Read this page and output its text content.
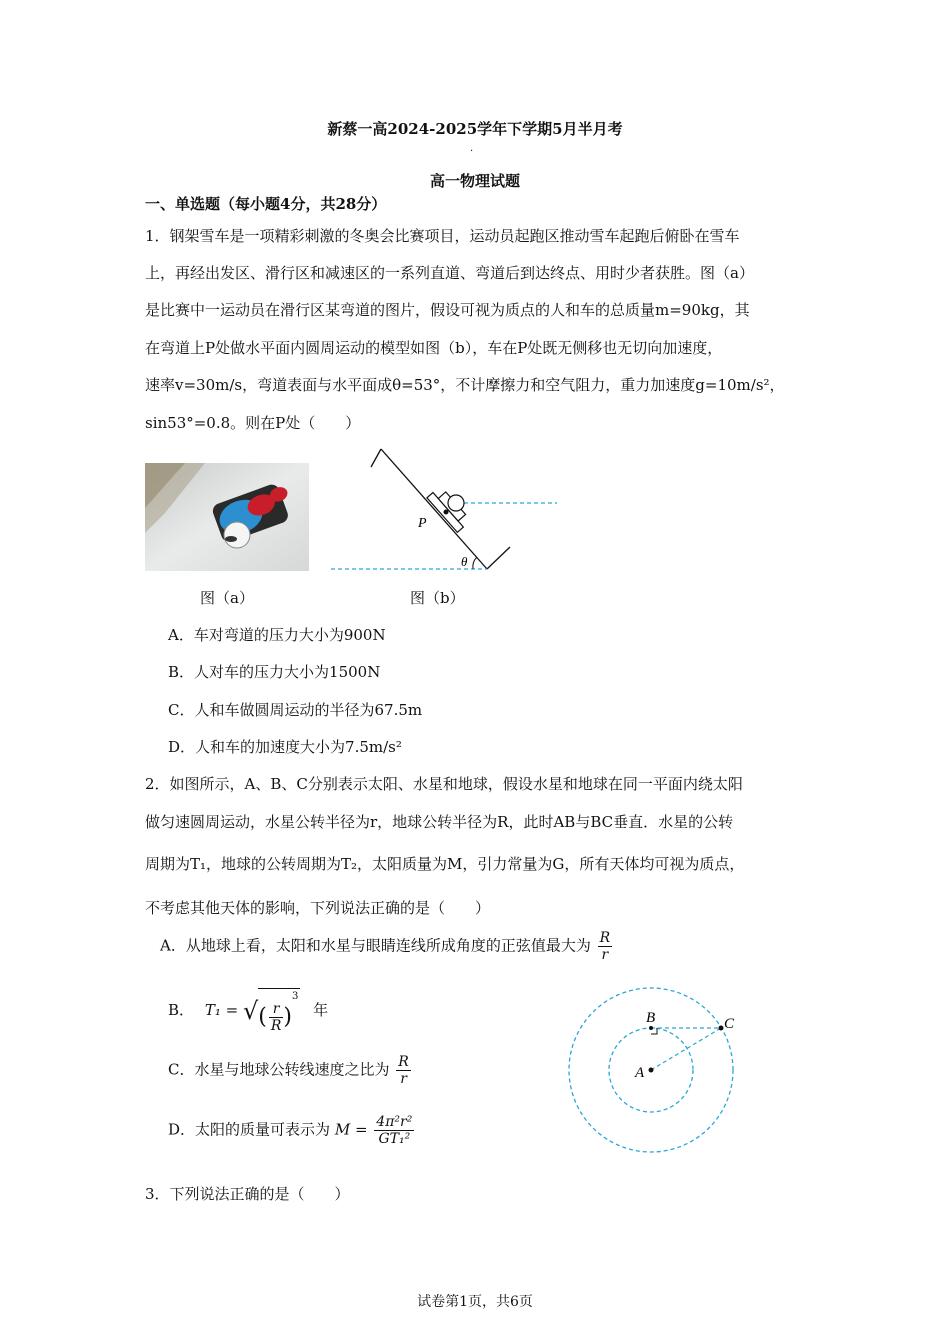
新蔡一高2024-2025学年下学期5月半月考
·
高一物理试题
一、单选题（每小题4分，共28分）
1．钢架雪车是一项精彩刺激的冬奥会比赛项目，运动员起跑区推动雪车起跑后俯卧在雪车
上，再经出发区、滑行区和减速区的一系列直道、弯道后到达终点、用时少者获胜。图（a）
是比赛中一运动员在滑行区某弯道的图片，假设可视为质点的人和车的总质量m=90kg，其
在弯道上P处做水平面内圆周运动的模型如图（b），车在P处既无侧移也无切向加速度，
速率v=30m/s，弯道表面与水平面成θ=53°，不计摩擦力和空气阻力，重力加速度g=10m/s²，
sin53°=0.8。则在P处（　　）
图（a）
P
θ
图（b）
A．车对弯道的压力大小为900N
B．人对车的压力大小为1500N
C．人和车做圆周运动的半径为67.5m
D．人和车的加速度大小为7.5m/s²
2．如图所示，A、B、C分别表示太阳、水星和地球，假设水星和地球在同一平面内绕太阳
做匀速圆周运动，水星公转半径为r，地球公转半径为R，此时AB与BC垂直．水星的公转
周期为T₁，地球的公转周期为T₂，太阳质量为M，引力常量为G，所有天体均可视为质点，
不考虑其他天体的影响，下列说法正确的是（　　）
A．从地球上看，太阳和水星与眼睛连线所成角度的正弦值最大为 $\frac{R}{r}$
B． T₁ = √( $\frac{r}{R} )^3$ 年
C．水星与地球公转线速度之比为 $\frac{R}{r}$
D．太阳的质量可表示为 $M = \frac{\text{4π²r²}}{\text{GT₁²}}$
A
B	C
3．下列说法正确的是（　　）
试卷第1页，共6页
